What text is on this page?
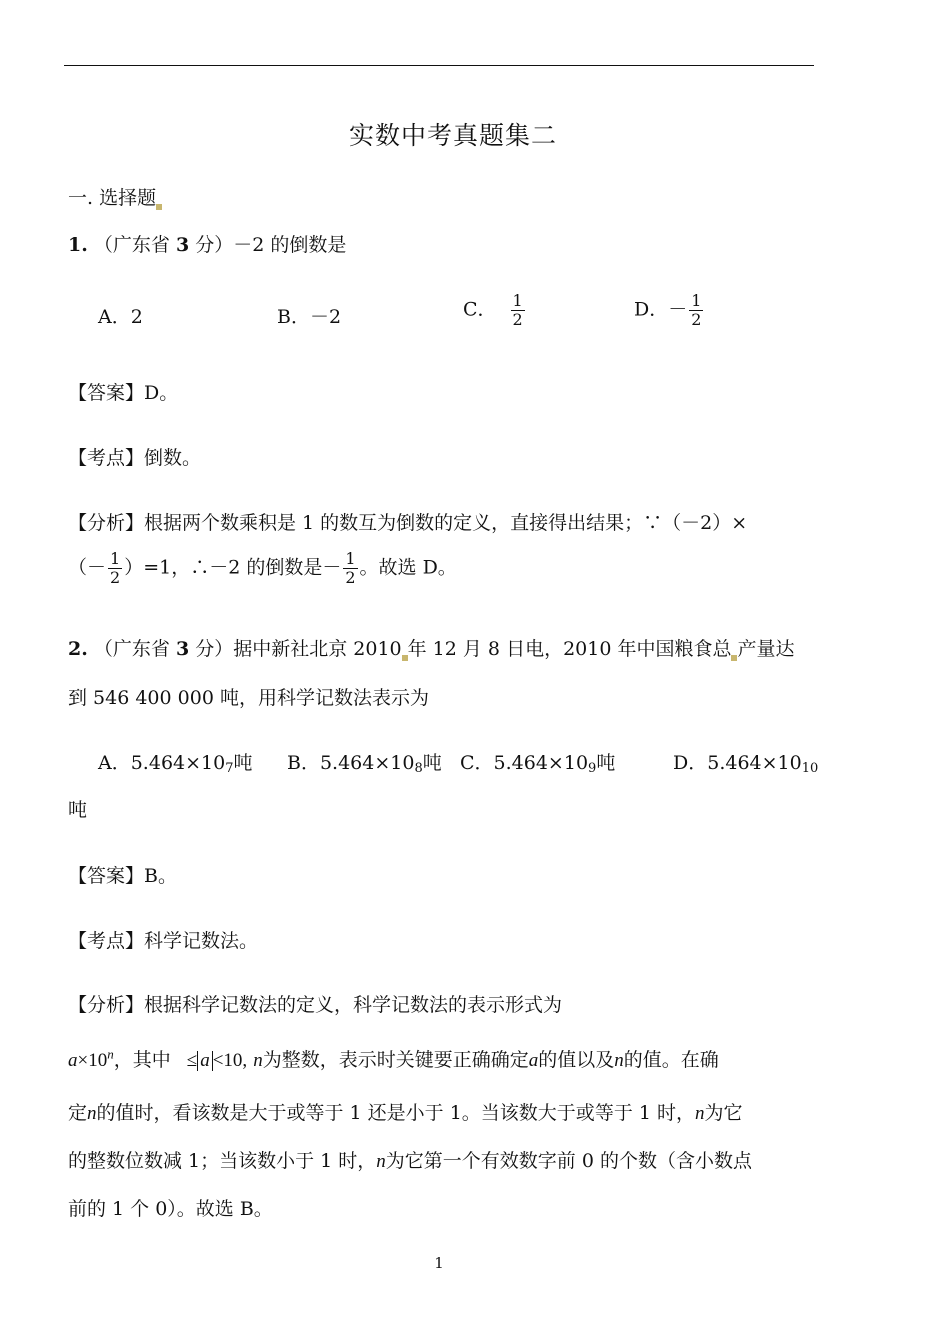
实数中考真题集二
一. 选择题
1. （广东省 3 分）－2 的倒数是
A．2	B．－2	C． $\frac{1}{2}$	D．－ $\frac{1}{2}$
【答案】D。
【考点】倒数。
【分析】根据两个数乘积是 1 的数互为倒数的定义，直接得出结果；∵（－2）×
（－ $\frac{1}{2} )=1$，∴－2 的倒数是－ $\frac{1}{2}$ 。故选 D。
2. （广东省 3 分）据中新社北京 2010 年 12 月 8 日电，2010 年中国粮食总 产量达
到 546 400 000 吨，用科学记数法表示为
A．5.464×107吨 B．5.464×108吨 C．5.464×109吨	D．5.464×1010
吨
【答案】B。
【考点】科学记数法。
【分析】根据科学记数法的定义，科学记数法的表示形式为
$a\times 10^n$，其中 ≤ a <10, n为整数，表示时关键要正确确定a的值以及n的值。在确
定n的值时，看该数是大于或等于 1 还是小于 1。当该数大于或等于 1 时，n为它
的整数位数减 1；当该数小于 1 时，n为它第一个有效数字前 0 的个数（含小数点
前的 1 个 0）。故选 B。
1
